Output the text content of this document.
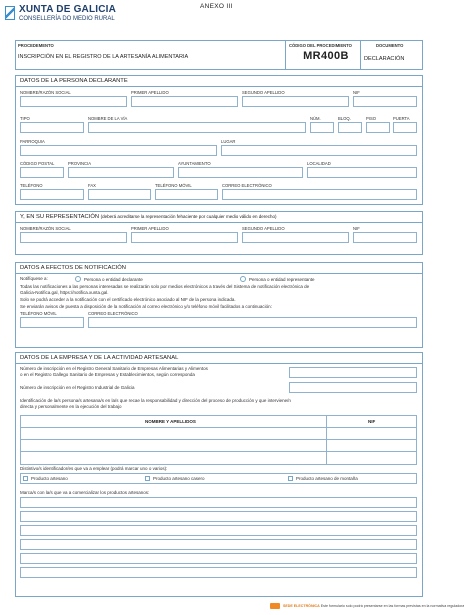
XUNTA DE GALICIA
CONSELLERÍA DO MEDIO RURAL
ANEXO III
PROCEDEMENTO
INSCRIPCIÓN EN EL REGISTRO DE LA ARTESANÍA ALIMENTARIA
CÓDIGO DEL PROCEDIMIENTO
MR400B
DOCUMENTO
DECLARACIÓN
DATOS DE LA PERSONA DECLARANTE
NOMBRE/RAZÓN SOCIAL	PRIMER APELLIDO	SEGUNDO APELLIDO	NIF
TIPO	NOMBRE DE LA VÍA	NÚM.	BLOQ.	PISO	PUERTA
PARROQUIA	LUGAR
CÓDIGO POSTAL	PROVINCIA	AYUNTAMIENTO	LOCALIDAD
TELÉFONO	FAX	TELÉFONO MÓVIL	CORREO ELECTRÓNICO
Y, EN SU REPRESENTACIÓN (deberá acreditarse la representación fehaciente por cualquier medio válido en derecho)
NOMBRE/RAZÓN SOCIAL	PRIMER APELLIDO	SEGUNDO APELLIDO	NIF
DATOS A EFECTOS DE NOTIFICACIÓN
Notifíquese a:	Persona o entidad declarante	Persona o entidad representante
Todas las notificaciones a las personas interesadas se realizarán solo por medios electrónicos a través del Sistema de notificación electrónica de
Galicia-Notifica.gal, https://notifica.xunta.gal.
Solo se podrá acceder a la notificación con el certificado electrónico asociado al NIF de la persona indicada.
Se enviarán avisos de puesta a disposición de la notificación al correo electrónico y/o teléfono móvil facilitados a continuación:
TELÉFONO MÓVIL	CORREO ELECTRÓNICO
DATOS DE LA EMPRESA Y DE LA ACTIVIDAD ARTESANAL
Número de inscripción en el Registro General Sanitario de Empresas Alimentarias y Alimentos
o en el Registro Gallego Sanitario de Empresas y Establecimientos, según corresponda
Número de inscripción en el Registro Industrial de Galicia
Identificación de la/s persona/s artesana/s en la/s que recae la responsabilidad y dirección del proceso de producción y que interviene/n
directa y personalmente en la ejecución del trabajo
NOMBRE Y APELLIDOS	NIF
Distintivo/s identificador/es que va a emplear (podrá marcar uno o varios):
Producto artesano	Producto artesano casero	Producto artesano de montaña
Marca/s con la/s que va a comercializar los productos artesanos:
SEDE ELECTRÓNICA Este formulario solo podrá presentarse en las formas previstas en la normativa reguladora
